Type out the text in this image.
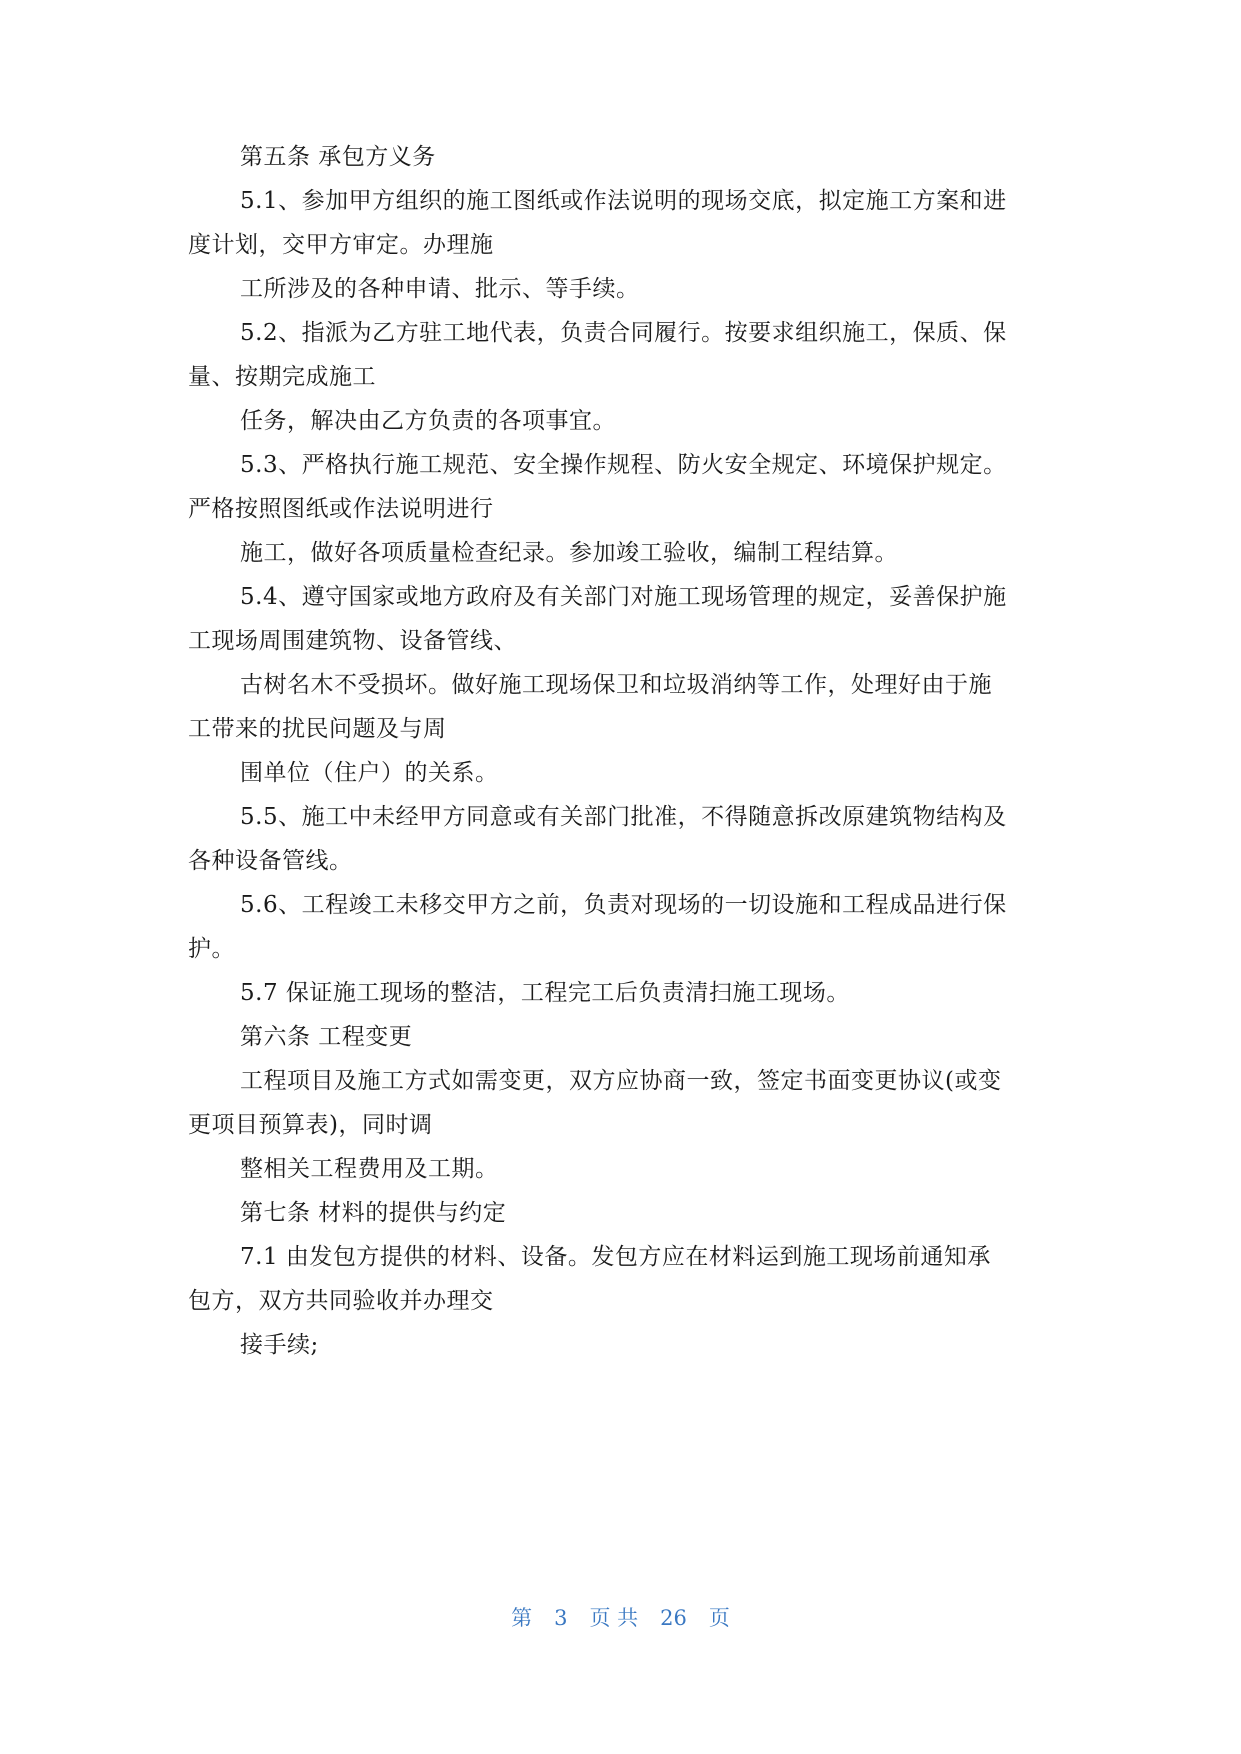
第五条 承包方义务
5.1、参加甲方组织的施工图纸或作法说明的现场交底，拟定施工方案和进
度计划，交甲方审定。办理施
工所涉及的各种申请、批示、等手续。
5.2、指派为乙方驻工地代表，负责合同履行。按要求组织施工，保质、保
量、按期完成施工
任务，解决由乙方负责的各项事宜。
5.3、严格执行施工规范、安全操作规程、防火安全规定、环境保护规定。
严格按照图纸或作法说明进行
施工，做好各项质量检查纪录。参加竣工验收，编制工程结算。
5.4、遵守国家或地方政府及有关部门对施工现场管理的规定，妥善保护施
工现场周围建筑物、设备管线、
古树名木不受损坏。做好施工现场保卫和垃圾消纳等工作，处理好由于施
工带来的扰民问题及与周
围单位（住户）的关系。
5.5、施工中未经甲方同意或有关部门批准，不得随意拆改原建筑物结构及
各种设备管线。
5.6、工程竣工未移交甲方之前，负责对现场的一切设施和工程成品进行保
护。
5.7 保证施工现场的整洁，工程完工后负责清扫施工现场。
第六条 工程变更
工程项目及施工方式如需变更，双方应协商一致，签定书面变更协议(或变
更项目预算表)，同时调
整相关工程费用及工期。
第七条 材料的提供与约定
7.1 由发包方提供的材料、设备。发包方应在材料运到施工现场前通知承
包方，双方共同验收并办理交
接手续;
第 3 页 共 26 页
